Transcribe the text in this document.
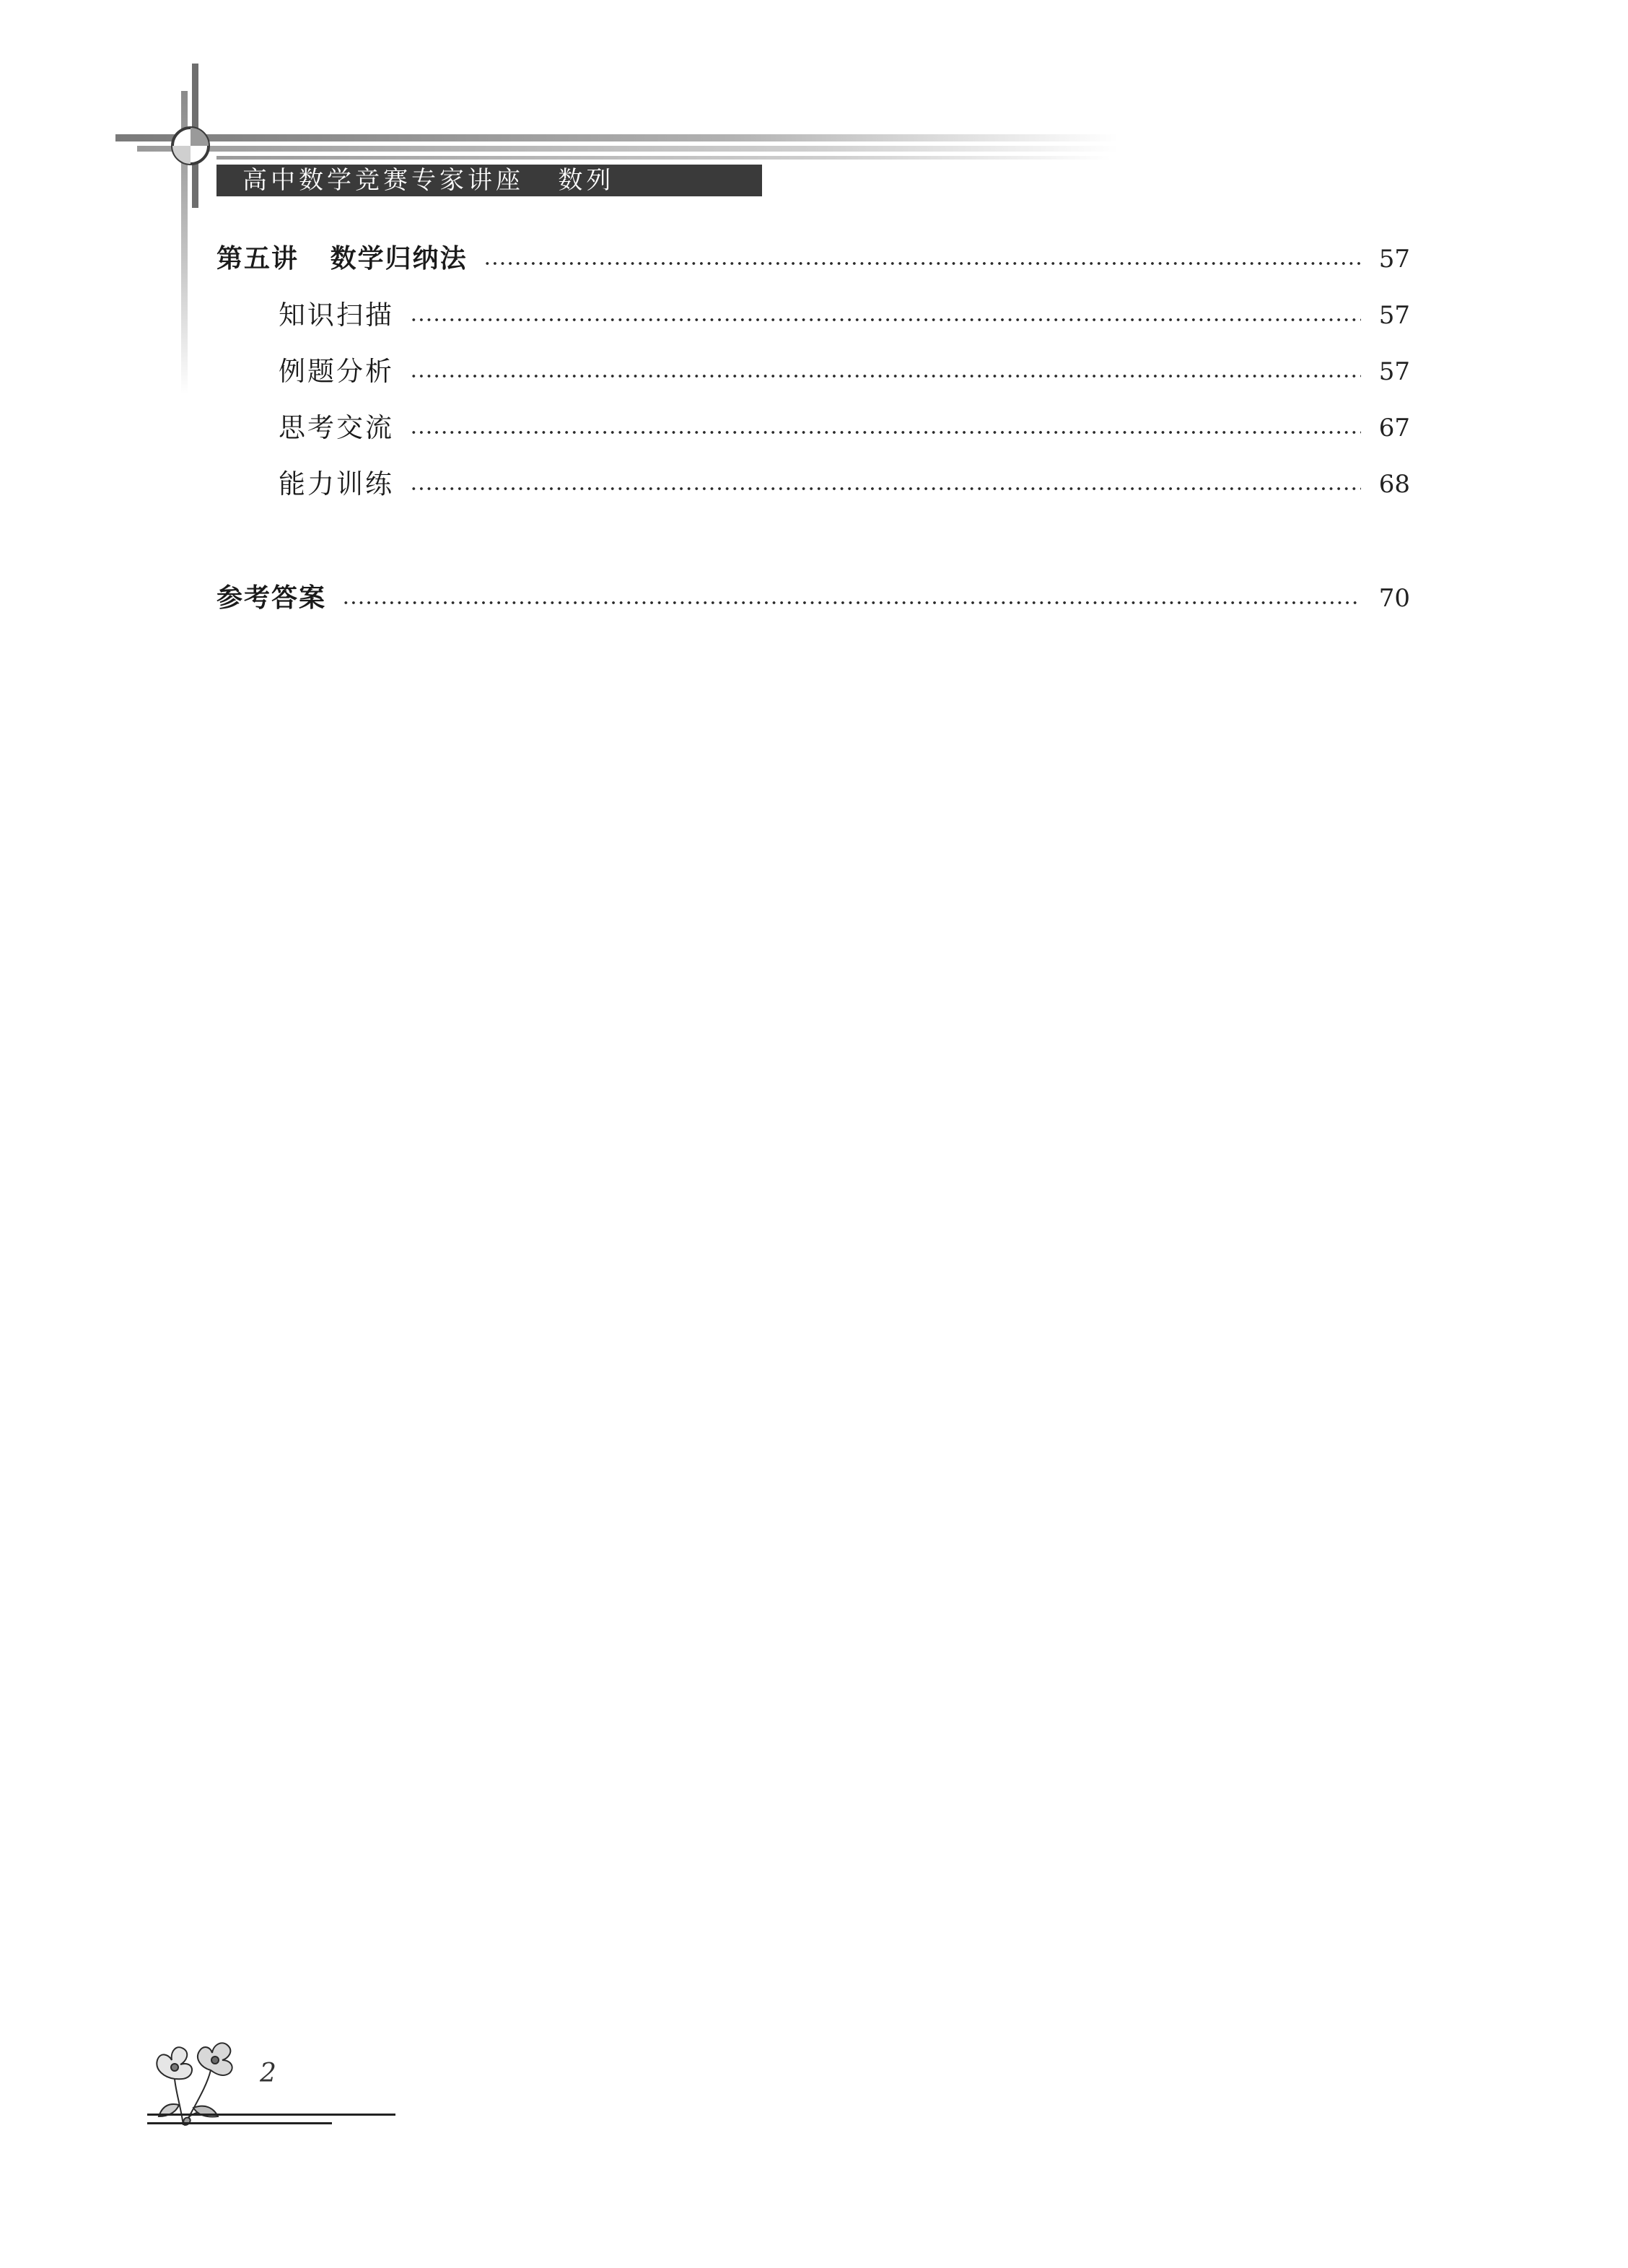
高中数学竞赛专家讲座   数列
第五讲   数学归纳法	57
知识扫描	57
例题分析	57
思考交流	67
能力训练	68
参考答案	70
2
